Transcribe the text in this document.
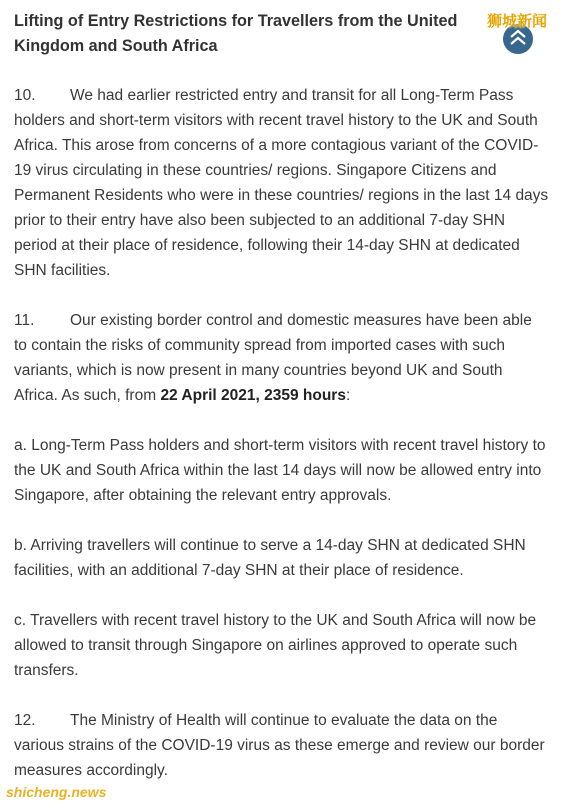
Lifting of Entry Restrictions for Travellers from the United Kingdom and South Africa

10. We had earlier restricted entry and transit for all Long-Term Pass holders and short-term visitors with recent travel history to the UK and South Africa. This arose from concerns of a more contagious variant of the COVID-19 virus circulating in these countries/ regions. Singapore Citizens and Permanent Residents who were in these countries/ regions in the last 14 days prior to their entry have also been subjected to an additional 7-day SHN period at their place of residence, following their 14-day SHN at dedicated SHN facilities.

11. Our existing border control and domestic measures have been able to contain the risks of community spread from imported cases with such variants, which is now present in many countries beyond UK and South Africa. As such, from 22 April 2021, 2359 hours:

a. Long-Term Pass holders and short-term visitors with recent travel history to the UK and South Africa within the last 14 days will now be allowed entry into Singapore, after obtaining the relevant entry approvals.

b. Arriving travellers will continue to serve a 14-day SHN at dedicated SHN facilities, with an additional 7-day SHN at their place of residence.

c. Travellers with recent travel history to the UK and South Africa will now be allowed to transit through Singapore on airlines approved to operate such transfers.

12. The Ministry of Health will continue to evaluate the data on the various strains of the COVID-19 virus as these emerge and review our border measures accordingly.

狮城新闻
shicheng.news
